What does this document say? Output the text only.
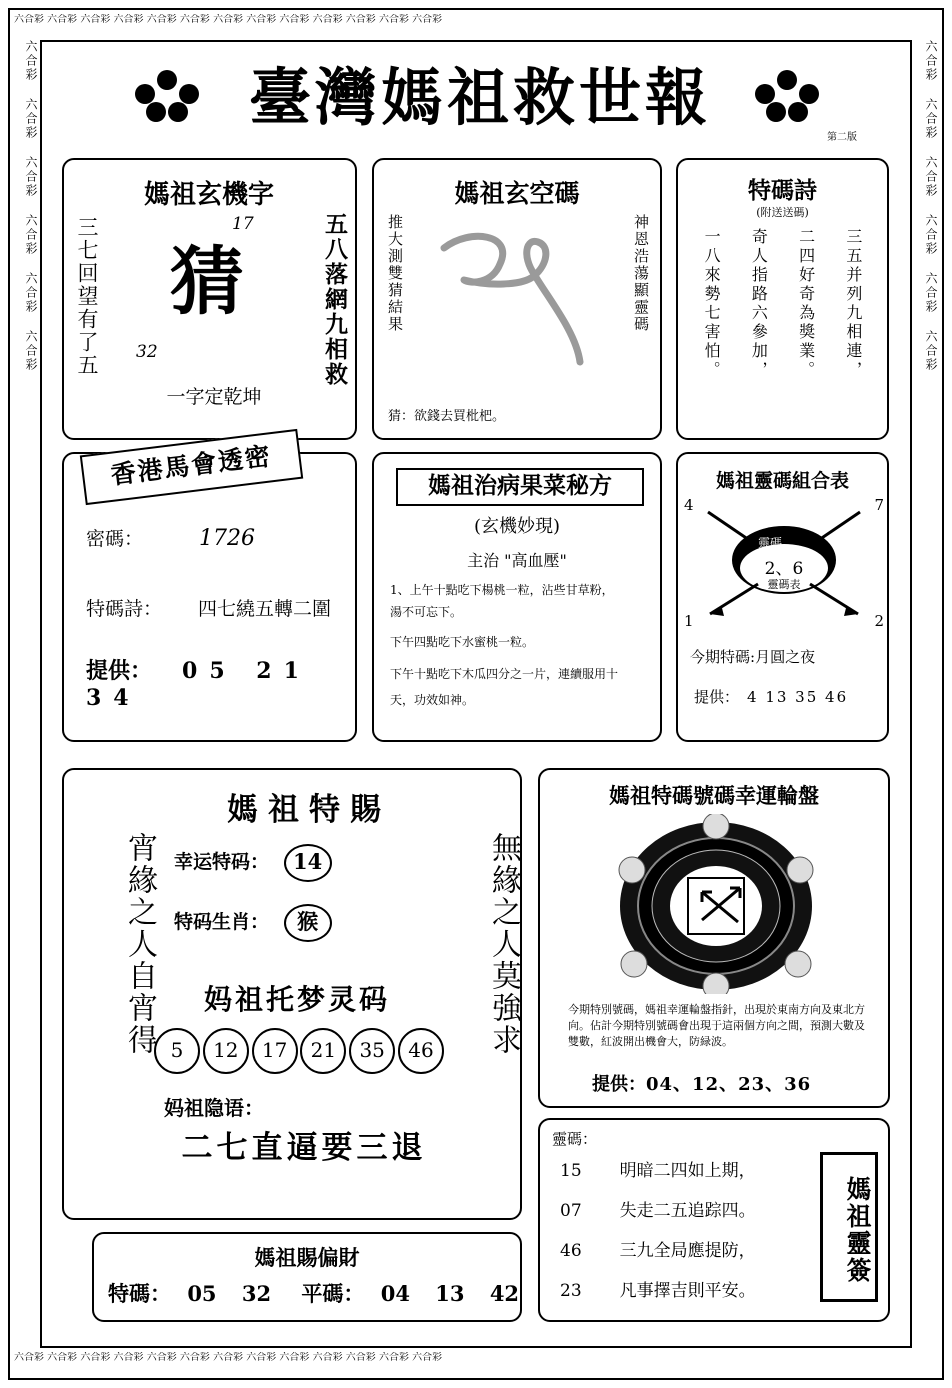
六合彩 六合彩 六合彩 六合彩 六合彩 六合彩 六合彩 六合彩 六合彩 六合彩 六合彩 六合彩 六合彩
六合彩 六合彩 六合彩 六合彩 六合彩 六合彩 六合彩 六合彩 六合彩 六合彩 六合彩 六合彩 六合彩
六合彩 六合彩 六合彩 六合彩 六合彩 六合彩	六合彩 六合彩 六合彩 六合彩 六合彩 六合彩
臺灣媽祖救世報
第二版
媽祖玄機字
三七回望有了五	五八落網九相救
17
32
猜
一字定乾坤
媽祖玄空碼
推大測雙猜結果	神恩浩蕩顯靈碼
猜：欲錢去買枇杷。
特碼詩
(附送送碼)
三五并列九相連，
二四好奇為獎業。
奇人指路六參加，
一八來勢七害怕。
香港馬會透密
密碼：	1726
特碼詩： 四七繞五轉二圍
提供： 05 21 34
媽祖治病果菜秘方
(玄機妙現)
主治 "高血壓"
1、上午十點吃下楊桃一粒，沾些甘草粉，
湯不可忘下。
下午四點吃下水蜜桃一粒。
下午十點吃下木瓜四分之一片，連續服用十
天，功效如神。
媽祖靈碼組合表
4	7
1	2
靈碼
2、6
靈碼表
今期特碼:月圓之夜
提供： 4 13 35 46
媽祖特賜
宵緣之人自宵得	無緣之人莫強求
幸运特码： 14
特码生肖： 猴
妈祖托梦灵码
5	12	17	21	35	46
妈祖隐语：
二七直逼要三退
媽祖賜偏財
特碼： 05 32 平碼： 04 13 42
媽祖特碼號碼幸運輪盤
今期特別號碼，媽祖幸運輪盤指針，出現於東南方向及東北方向。佔計今期特別號碼會出現于這兩個方向之間，預測大數及雙數，紅波開出機會大，防緑波。
提供：04、12、23、36
靈碼：
15 明暗二四如上期，
07 失走二五追踪四。
46 三九全局應提防，
23 凡事擇吉則平安。
媽祖靈簽
